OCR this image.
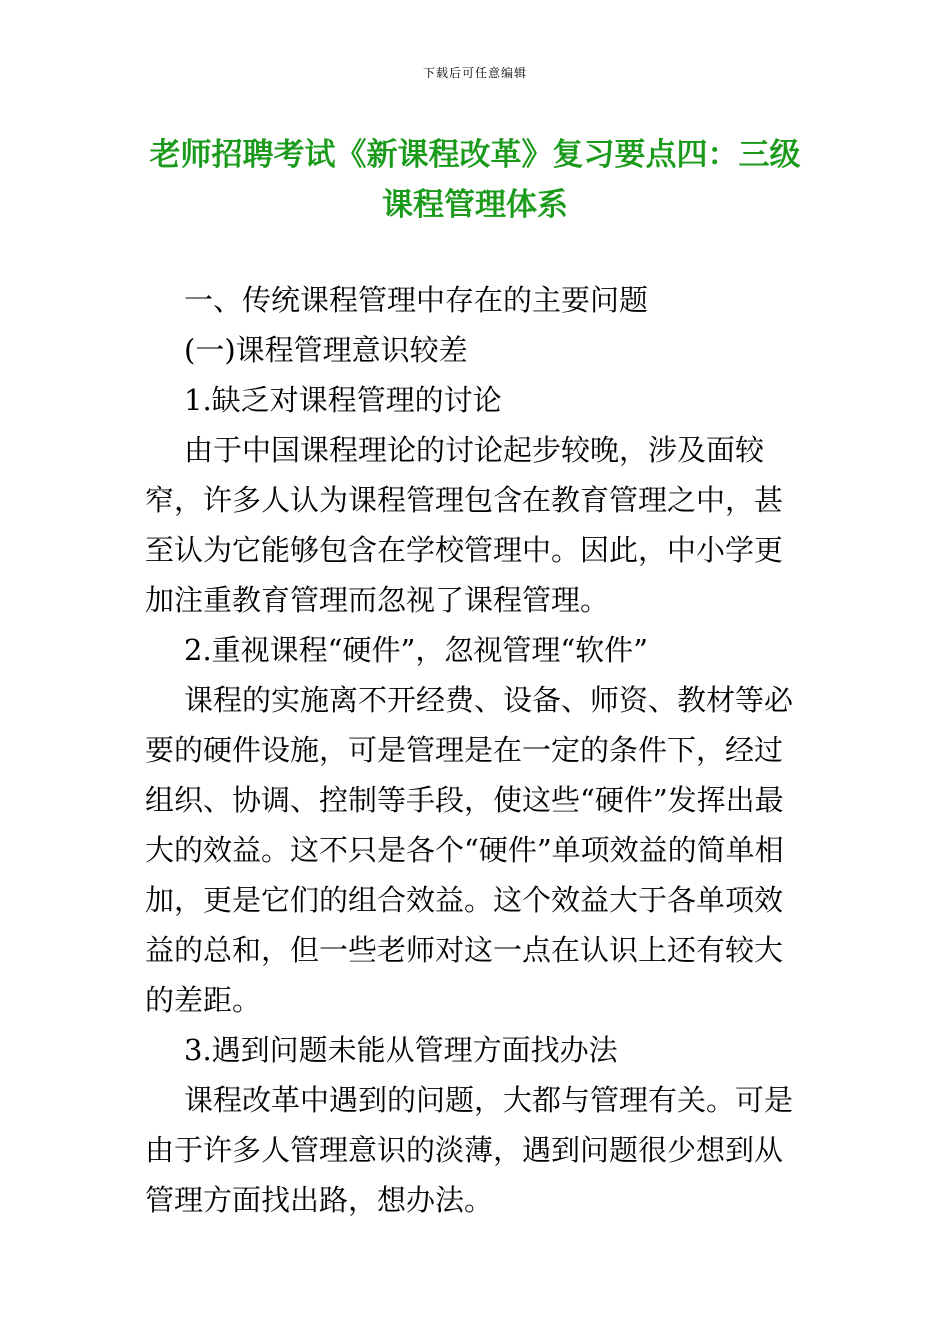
下载后可任意编辑
老师招聘考试《新课程改革》复习要点四：三级
课程管理体系

一、传统课程管理中存在的主要问题

(一)课程管理意识较差

1.缺乏对课程管理的讨论

由于中国课程理论的讨论起步较晚，涉及面较窄，许多人认为课程管理包含在教育管理之中，甚至认为它能够包含在学校管理中。因此，中小学更加注重教育管理而忽视了课程管理。

2.重视课程“硬件”，忽视管理“软件”

课程的实施离不开经费、设备、师资、教材等必要的硬件设施，可是管理是在一定的条件下，经过组织、协调、控制等手段，使这些“硬件”发挥出最大的效益。这不只是各个“硬件”单项效益的简单相加，更是它们的组合效益。这个效益大于各单项效益的总和，但一些老师对这一点在认识上还有较大的差距。

3.遇到问题未能从管理方面找办法

课程改革中遇到的问题，大都与管理有关。可是由于许多人管理意识的淡薄，遇到问题很少想到从管理方面找出路，想办法。
